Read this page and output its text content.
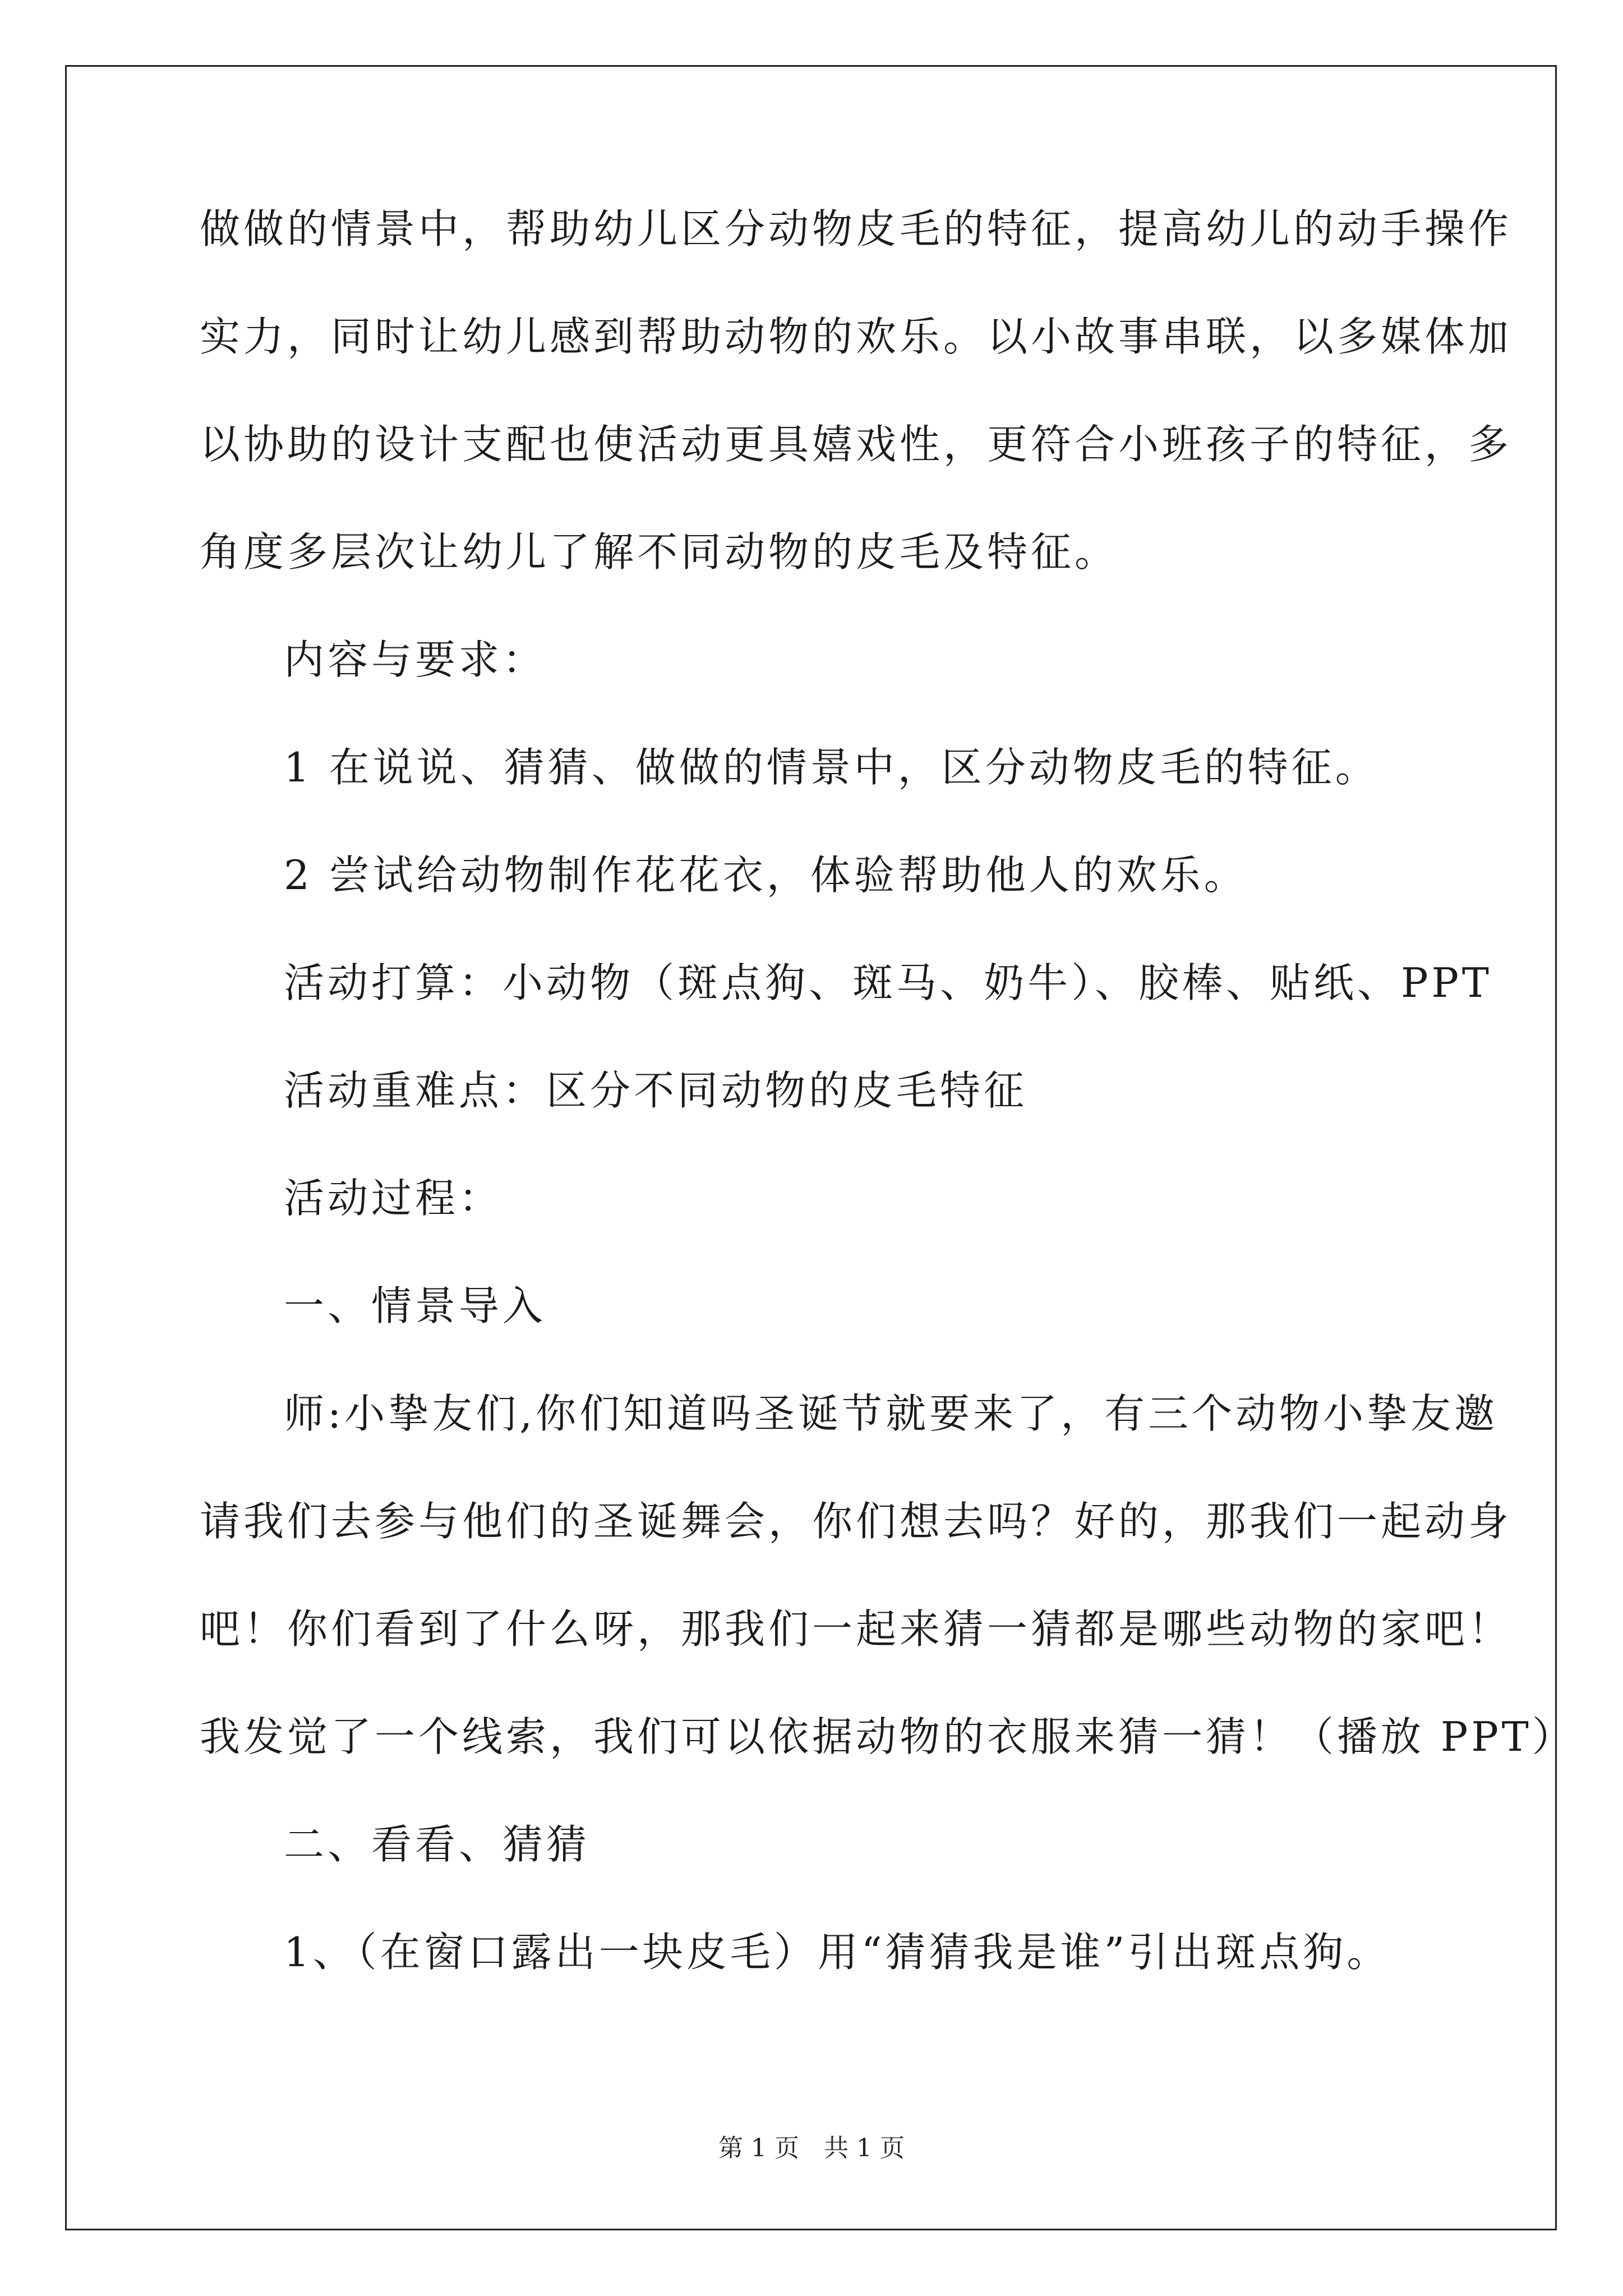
做做的情景中，帮助幼儿区分动物皮毛的特征，提高幼儿的动手操作
实力，同时让幼儿感到帮助动物的欢乐。以小故事串联，以多媒体加
以协助的设计支配也使活动更具嬉戏性，更符合小班孩子的特征，多
角度多层次让幼儿了解不同动物的皮毛及特征。
内容与要求：
1 在说说、猜猜、做做的情景中，区分动物皮毛的特征。
2 尝试给动物制作花花衣，体验帮助他人的欢乐。
活动打算：小动物（斑点狗、斑马、奶牛）、胶棒、贴纸、PPT
活动重难点：区分不同动物的皮毛特征
活动过程：
一、情景导入
师:小挚友们,你们知道吗圣诞节就要来了，有三个动物小挚友邀
请我们去参与他们的圣诞舞会，你们想去吗？好的，那我们一起动身
吧！你们看到了什么呀，那我们一起来猜一猜都是哪些动物的家吧！
我发觉了一个线索，我们可以依据动物的衣服来猜一猜！（播放 PPT）
二、看看、猜猜
1、（在窗口露出一块皮毛）用“猜猜我是谁”引出斑点狗。
第 1 页　共 1 页
